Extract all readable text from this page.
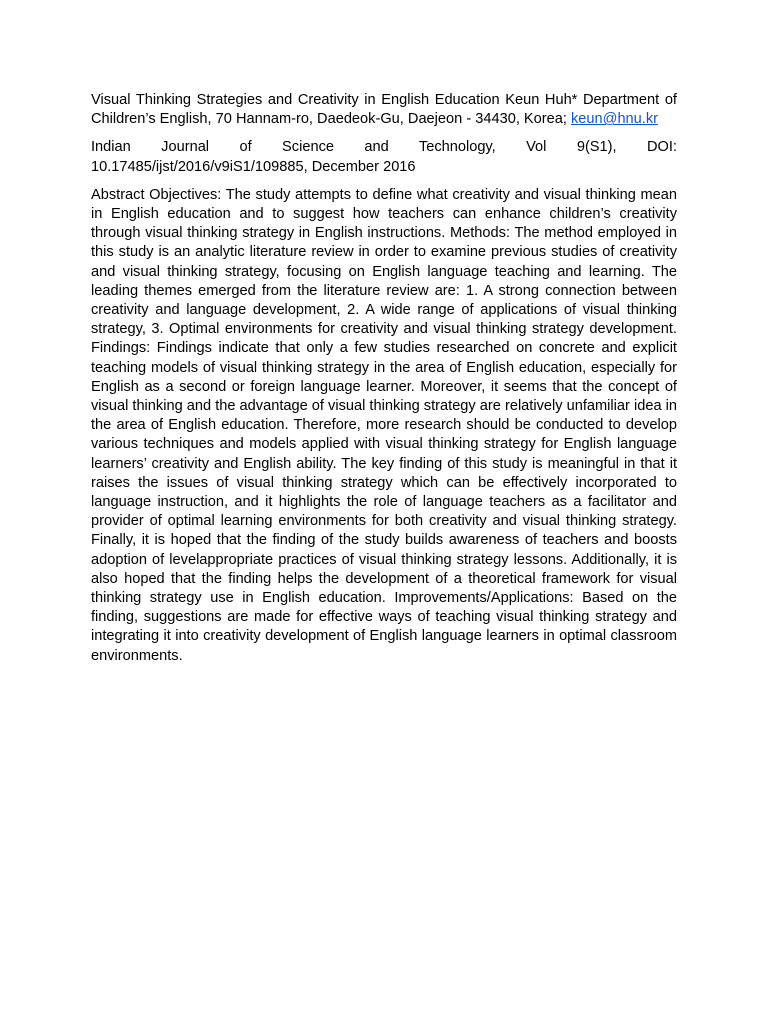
Visual Thinking Strategies and Creativity in English Education Keun Huh* Department of Children’s English, 70 Hannam-ro, Daedeok-Gu, Daejeon - 34430, Korea; keun@hnu.kr

Indian Journal of Science and Technology, Vol 9(S1), DOI:

10.17485/ijst/2016/v9iS1/109885, December 2016

Abstract Objectives: The study attempts to define what creativity and visual thinking mean in English education and to suggest how teachers can enhance children’s creativity through visual thinking strategy in English instructions. Methods: The method employed in this study is an analytic literature review in order to examine previous studies of creativity and visual thinking strategy, focusing on English language teaching and learning. The leading themes emerged from the literature review are: 1. A strong connection between creativity and language development, 2. A wide range of applications of visual thinking strategy, 3. Optimal environments for creativity and visual thinking strategy development. Findings: Findings indicate that only a few studies researched on concrete and explicit teaching models of visual thinking strategy in the area of English education, especially for English as a second or foreign language learner. Moreover, it seems that the concept of visual thinking and the advantage of visual thinking strategy are relatively unfamiliar idea in the area of English education. Therefore, more research should be conducted to develop various techniques and models applied with visual thinking strategy for English language learners’ creativity and English ability. The key finding of this study is meaningful in that it raises the issues of visual thinking strategy which can be effectively incorporated to language instruction, and it highlights the role of language teachers as a facilitator and provider of optimal learning environments for both creativity and visual thinking strategy. Finally, it is hoped that the finding of the study builds awareness of teachers and boosts adoption of levelappropriate practices of visual thinking strategy lessons. Additionally, it is also hoped that the finding helps the development of a theoretical framework for visual thinking strategy use in English education. Improvements/Applications: Based on the finding, suggestions are made for effective ways of teaching visual thinking strategy and integrating it into creativity development of English language learners in optimal classroom environments.
